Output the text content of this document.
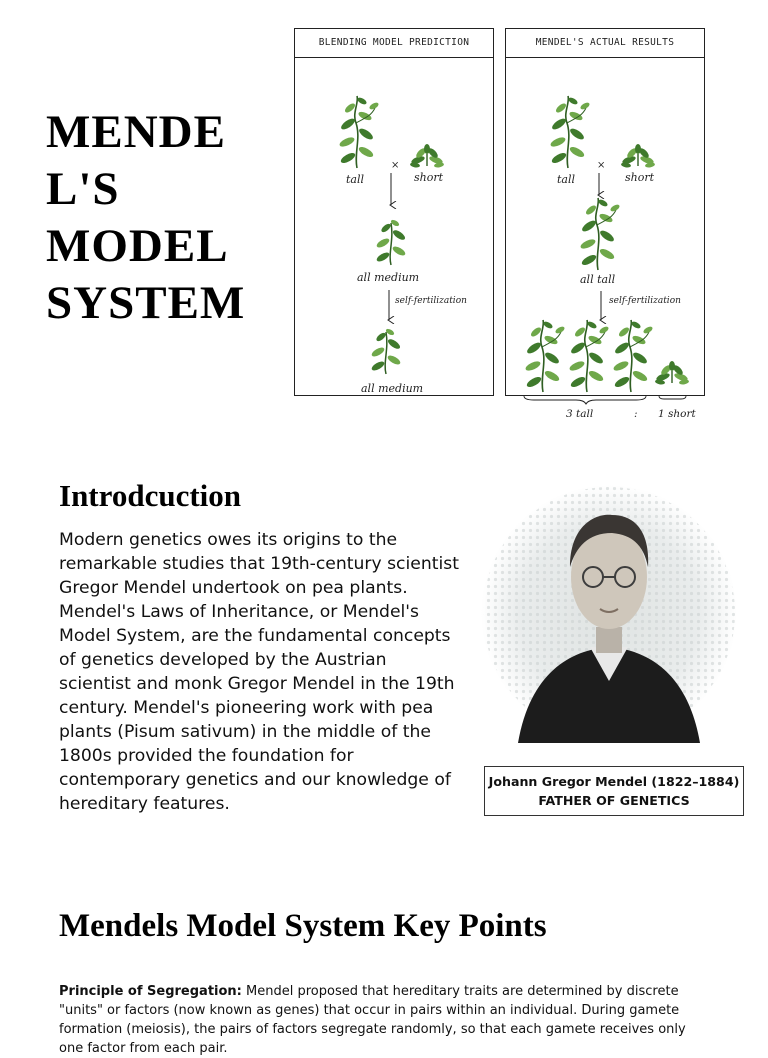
MENDE
L'S
MODEL
SYSTEM
BLENDING MODEL PREDICTION
×
tall	short
all medium
self-fertilization
all medium
MENDEL'S ACTUAL RESULTS
×
tall	short
all tall
self-fertilization
3 tall	: 1 short
Introdcuction

Modern genetics owes its origins to the remarkable studies that 19th-century scientist Gregor Mendel undertook on pea plants. Mendel's Laws of Inheritance, or Mendel's Model System, are the fundamental concepts of genetics developed by the Austrian scientist and monk Gregor Mendel in the 19th century. Mendel's pioneering work with pea plants (Pisum sativum) in the middle of the 1800s provided the foundation for contemporary genetics and our knowledge of hereditary features.

Johann Gregor Mendel (1822–1884)
FATHER OF GENETICS
Mendels Model System Key Points

Principle of Segregation: Mendel proposed that hereditary traits are determined by discrete "units" or factors (now known as genes) that occur in pairs within an individual. During gamete formation (meiosis), the pairs of factors segregate randomly, so that each gamete receives only one factor from each pair.
